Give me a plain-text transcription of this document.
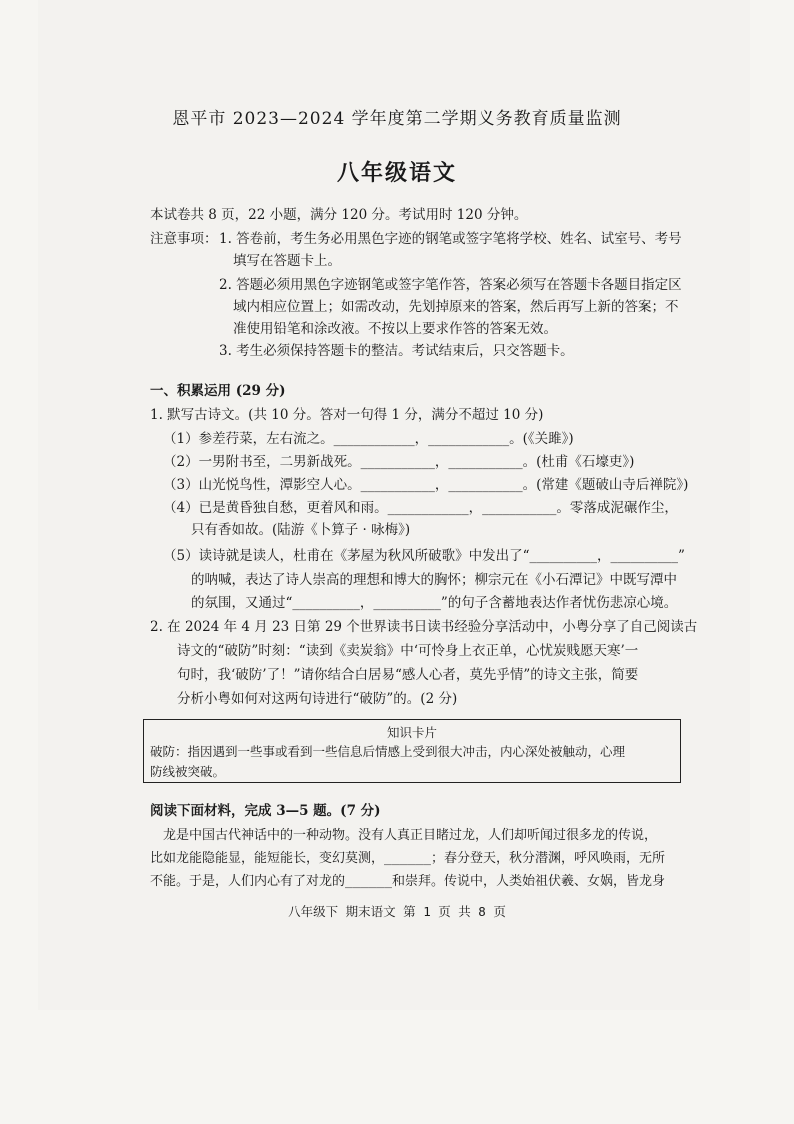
恩平市 2023—2024 学年度第二学期义务教育质量监测
八年级语文
本试卷共 8 页，22 小题，满分 120 分。考试用时 120 分钟。
注意事项： 1. 答卷前，考生务必用黑色字迹的钢笔或签字笔将学校、姓名、试室号、考号
填写在答题卡上。
2. 答题必须用黑色字迹钢笔或签字笔作答，答案必须写在答题卡各题目指定区
域内相应位置上；如需改动，先划掉原来的答案，然后再写上新的答案；不
准使用铅笔和涂改液。不按以上要求作答的答案无效。
3. 考生必须保持答题卡的整洁。考试结束后，只交答题卡。
一、积累运用 (29 分)
1. 默写古诗文。(共 10 分。答对一句得 1 分，满分不超过 10 分)
（1）参差荇菜，左右流之。____________，____________。(《关雎》)
（2）一男附书至，二男新战死。___________，___________。(杜甫《石壕吏》)
（3）山光悦鸟性，潭影空人心。___________，___________。(常建《题破山寺后禅院》)
（4）已是黄昏独自愁，更着风和雨。____________，___________。零落成泥碾作尘，
只有香如故。(陆游《卜算子 · 咏梅》)
（5）读诗就是读人，杜甫在《茅屋为秋风所破歌》中发出了“__________，__________”
的呐喊，表达了诗人崇高的理想和博大的胸怀；柳宗元在《小石潭记》中既写潭中
的氛围，又通过“__________，__________”的句子含蓄地表达作者忧伤悲凉心境。
2. 在 2024 年 4 月 23 日第 29 个世界读书日读书经验分享活动中，小粤分享了自己阅读古
诗文的“破防”时刻：“读到《卖炭翁》中‘可怜身上衣正单，心忧炭贱愿天寒’一
句时，我‘破防’了！”请你结合白居易“感人心者，莫先乎情”的诗文主张，简要
分析小粤如何对这两句诗进行“破防”的。(2 分)
知识卡片
破防：指因遇到一些事或看到一些信息后情感上受到很大冲击，内心深处被触动，心理
防线被突破。
阅读下面材料，完成 3—5 题。(7 分)
龙是中国古代神话中的一种动物。没有人真正目睹过龙，人们却听闻过很多龙的传说，
比如龙能隐能显，能短能长，变幻莫测，______；春分登天，秋分潜渊，呼风唤雨，无所
不能。于是，人们内心有了对龙的______和崇拜。传说中，人类始祖伏羲、女娲，皆龙身
八年级下 期末语文 第 1 页 共 8 页
